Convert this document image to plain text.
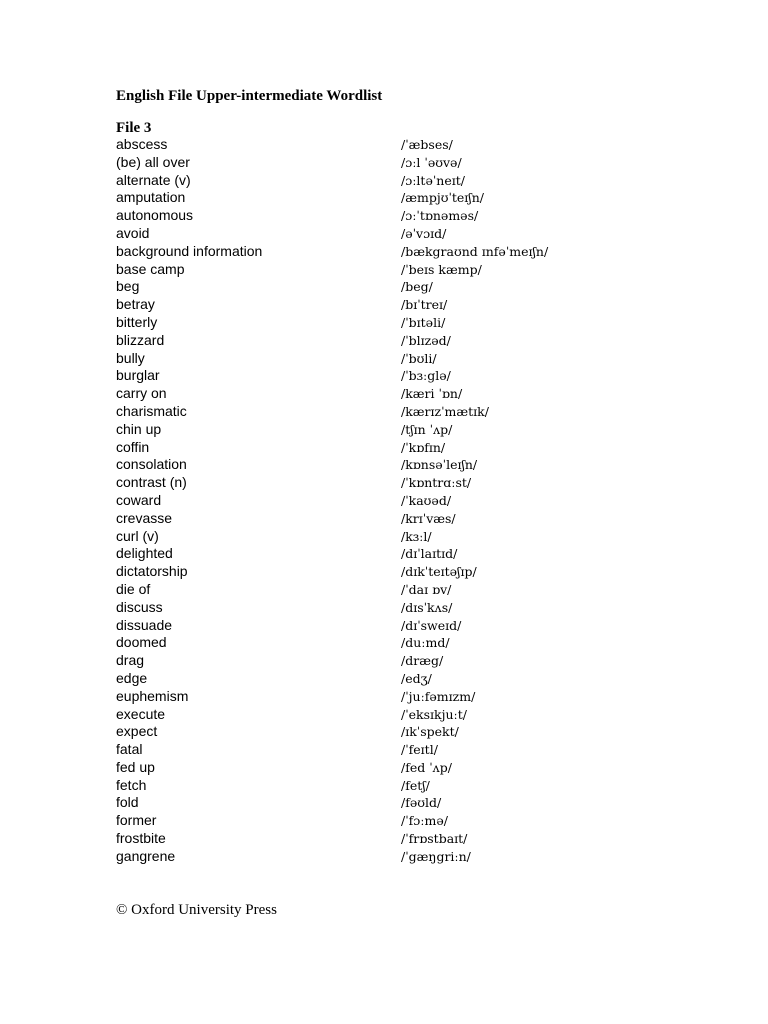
English File Upper-intermediate Wordlist
File 3
abscess	/ˈæbses/
(be) all over	/ɔːl ˈəʊvə/
alternate (v)	/ɔːltəˈneɪt/
amputation	/æmpjʊˈteɪʃn/
autonomous	/ɔːˈtɒnəməs/
avoid	/əˈvɔɪd/
background information	/bækgraʊnd ɪnfəˈmeɪʃn/
base camp	/ˈbeɪs kæmp/
beg	/beg/
betray	/bɪˈtreɪ/
bitterly	/ˈbɪtəli/
blizzard	/ˈblɪzəd/
bully	/ˈbʊli/
burglar	/ˈbɜːglə/
carry on	/kæri ˈɒn/
charismatic	/kærɪzˈmætɪk/
chin up	/tʃɪn ˈʌp/
coffin	/ˈkɒfɪn/
consolation	/kɒnsəˈleɪʃn/
contrast (n)	/ˈkɒntrɑːst/
coward	/ˈkaʊəd/
crevasse	/krɪˈvæs/
curl (v)	/kɜːl/
delighted	/dɪˈlaɪtɪd/
dictatorship	/dɪkˈteɪtəʃɪp/
die of	/ˈdaɪ ɒv/
discuss	/dɪsˈkʌs/
dissuade	/dɪˈsweɪd/
doomed	/duːmd/
drag	/dræg/
edge	/edʒ/
euphemism	/ˈjuːfəmɪzm/
execute	/ˈeksɪkjuːt/
expect	/ɪkˈspekt/
fatal	/ˈfeɪtl/
fed up	/fed ˈʌp/
fetch	/fetʃ/
fold	/fəʊld/
former	/ˈfɔːmə/
frostbite	/ˈfrɒstbaɪt/
gangrene	/ˈgæŋgriːn/
© Oxford University Press
